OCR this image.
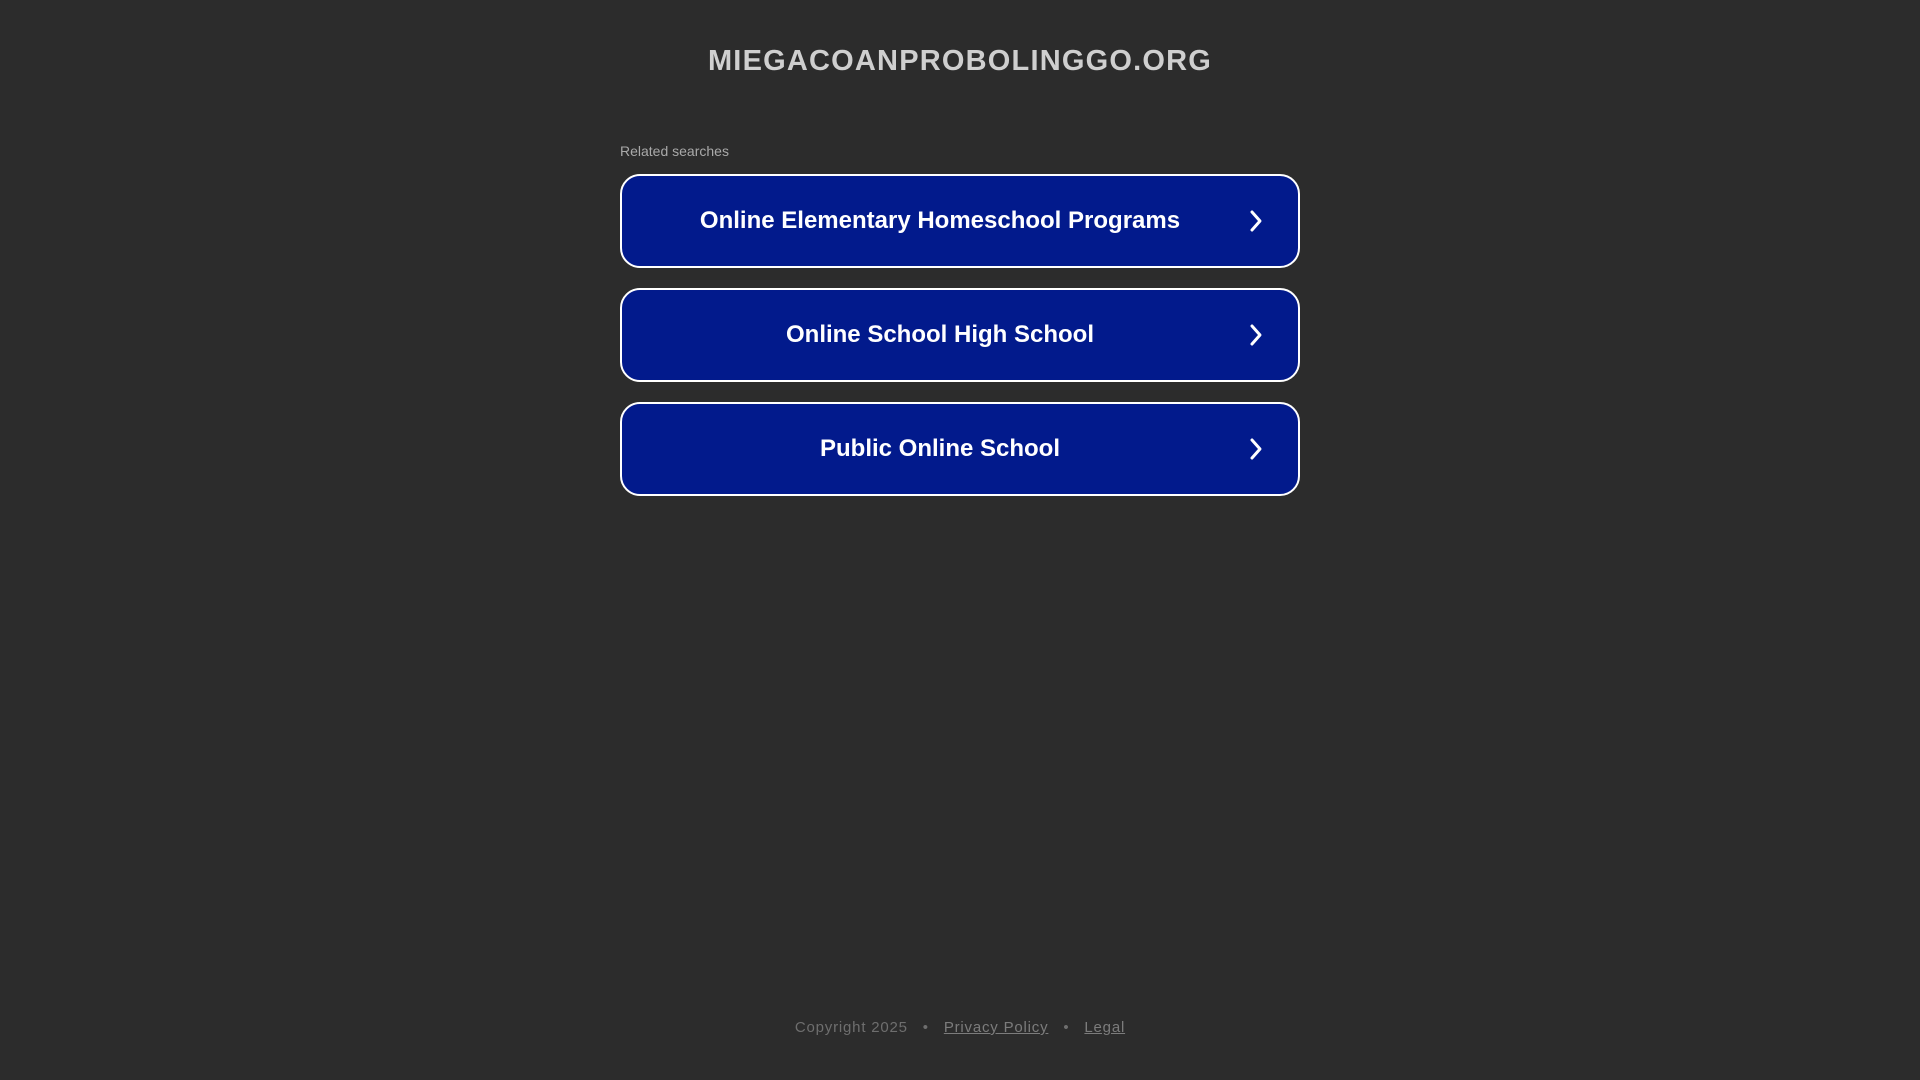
MIEGACOANPROBOLINGGO.ORG
Related searches
Online Elementary Homeschool Programs
Online School High School
Public Online School
Copyright 2025 • Privacy Policy • Legal
